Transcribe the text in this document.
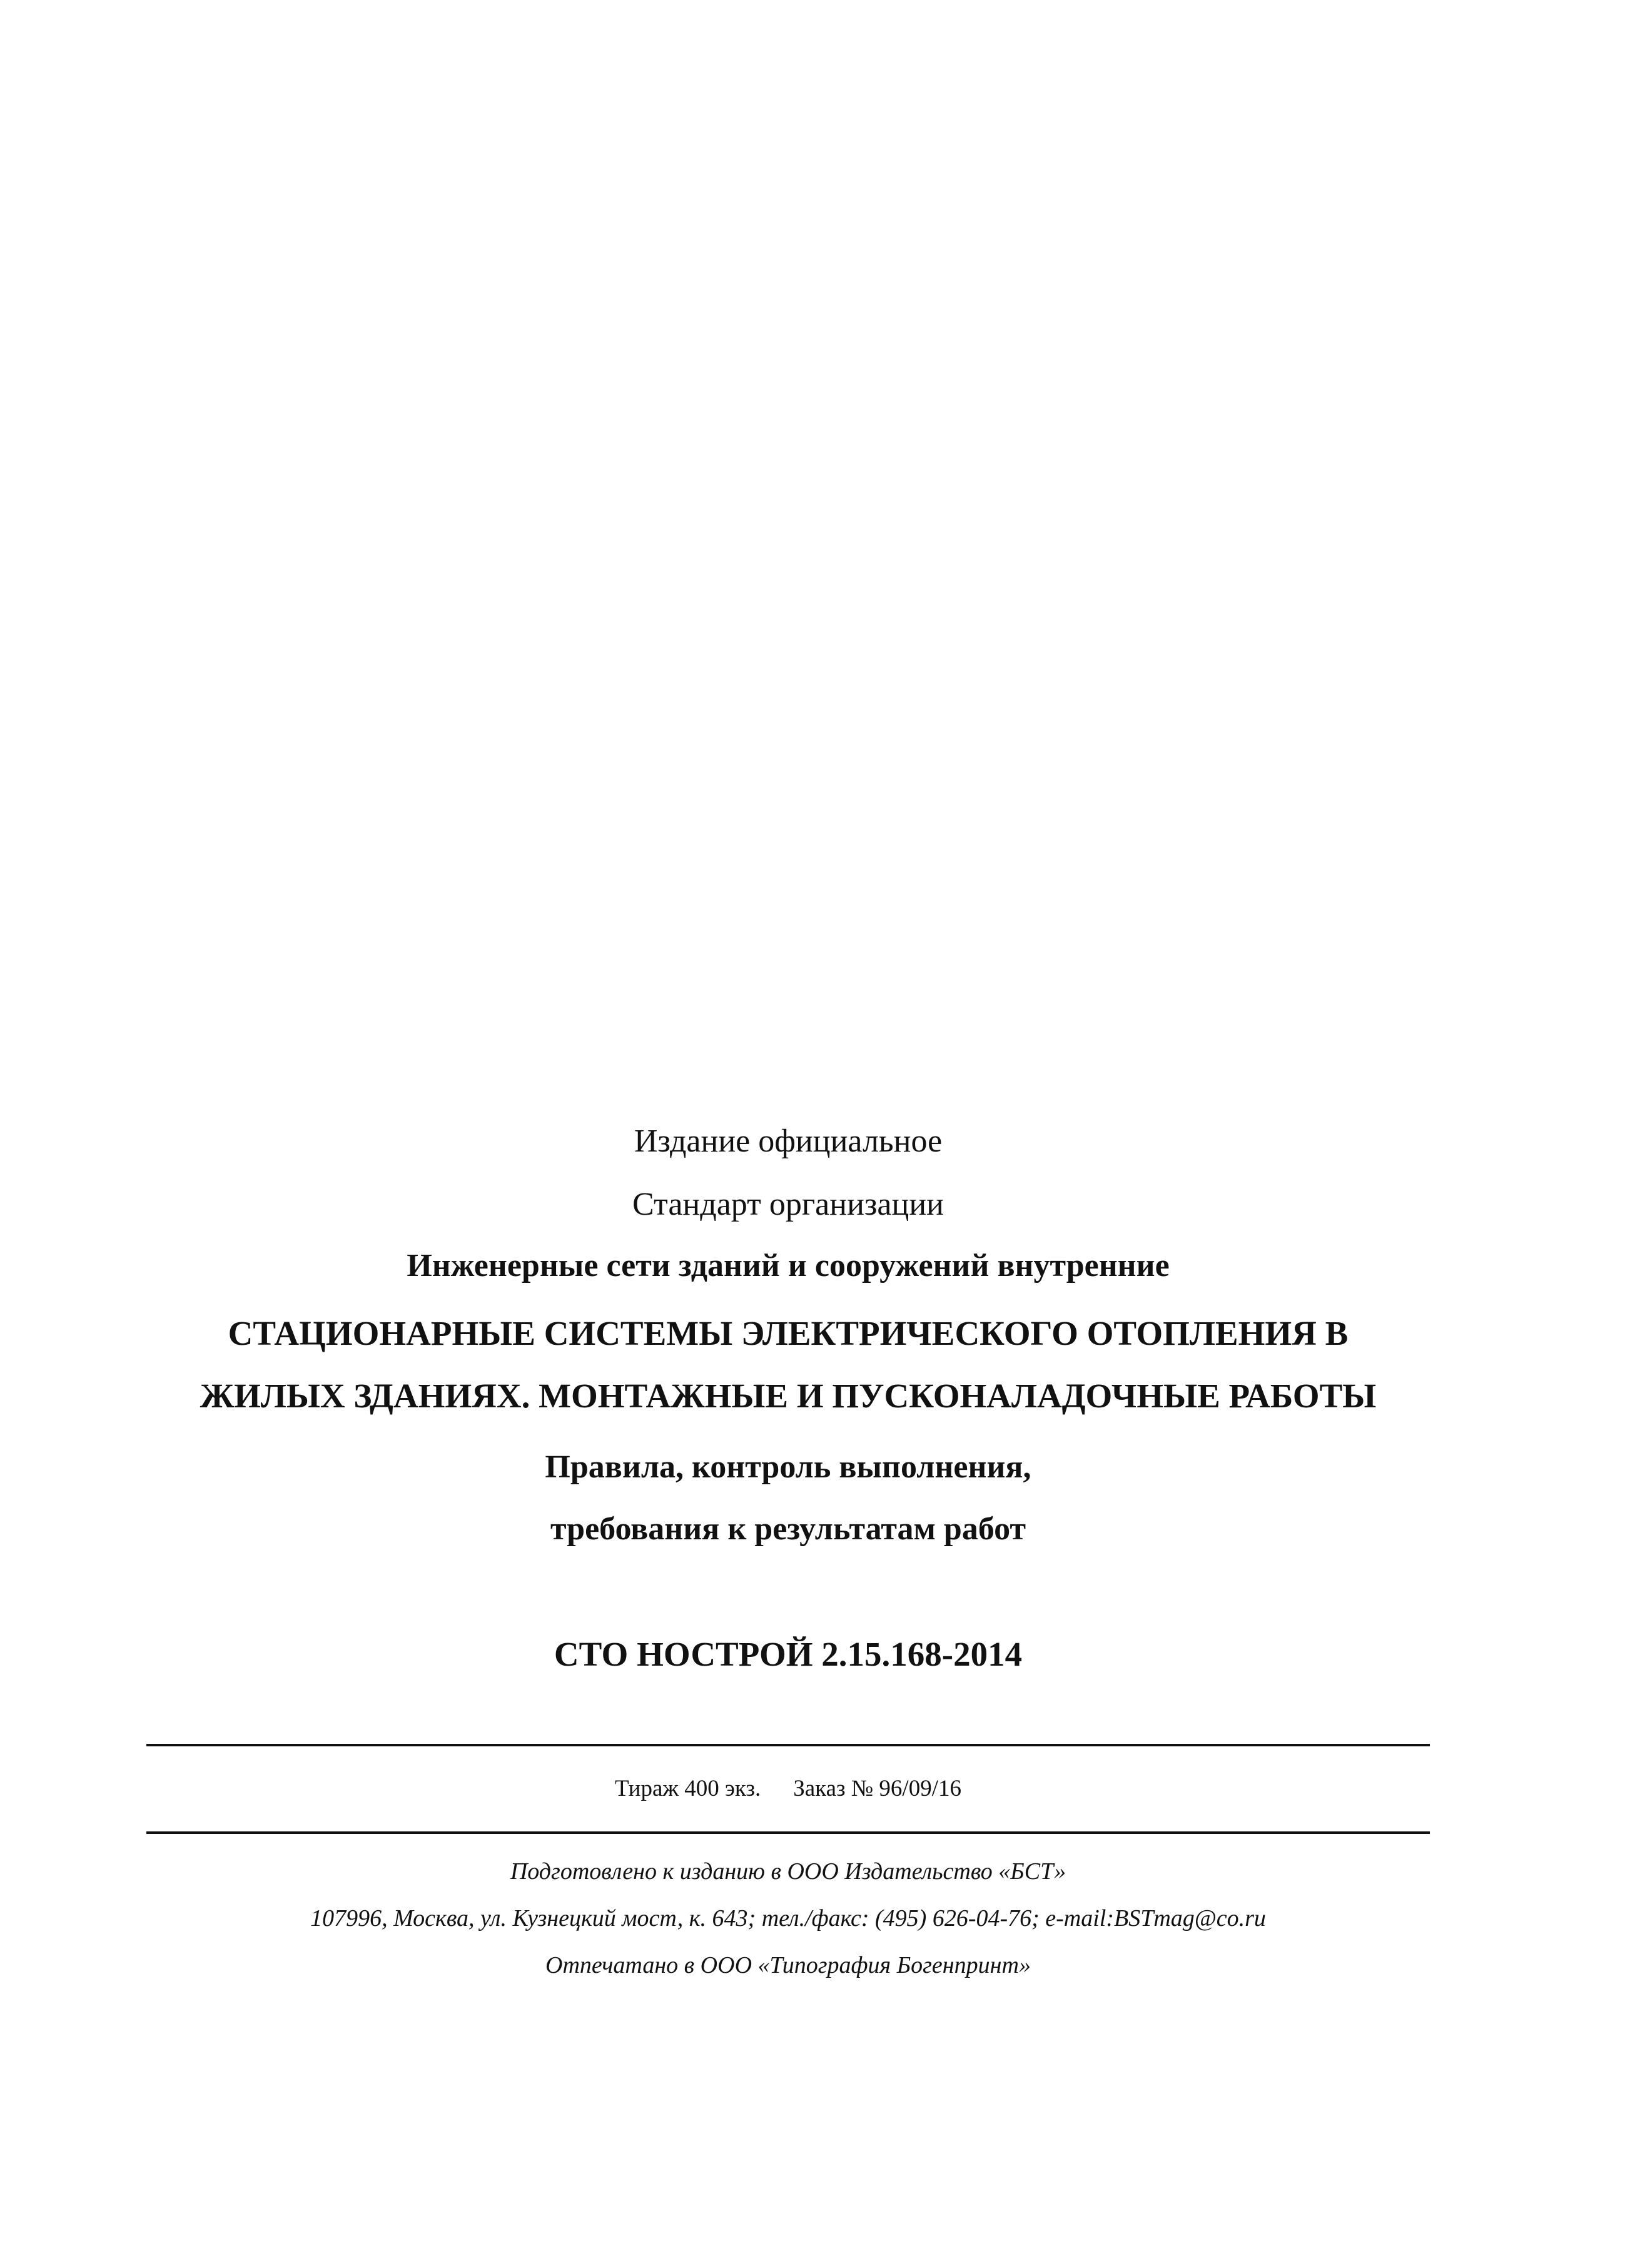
Издание официальное
Стандарт организации
Инженерные сети зданий и сооружений внутренние
СТАЦИОНАРНЫЕ СИСТЕМЫ ЭЛЕКТРИЧЕСКОГО ОТОПЛЕНИЯ В
ЖИЛЫХ ЗДАНИЯХ. МОНТАЖНЫЕ И ПУСКОНАЛАДОЧНЫЕ РАБОТЫ
Правила, контроль выполнения,
требования к результатам работ
СТО НОСТРОЙ 2.15.168-2014
Тираж 400 экз. Заказ № 96/09/16
Подготовлено к изданию в ООО Издательство «БСТ»
107996, Москва, ул. Кузнецкий мост, к. 643; тел./факс: (495) 626-04-76; e-mail:BSTmag@co.ru
Отпечатано в ООО «Типография Богенпринт»
